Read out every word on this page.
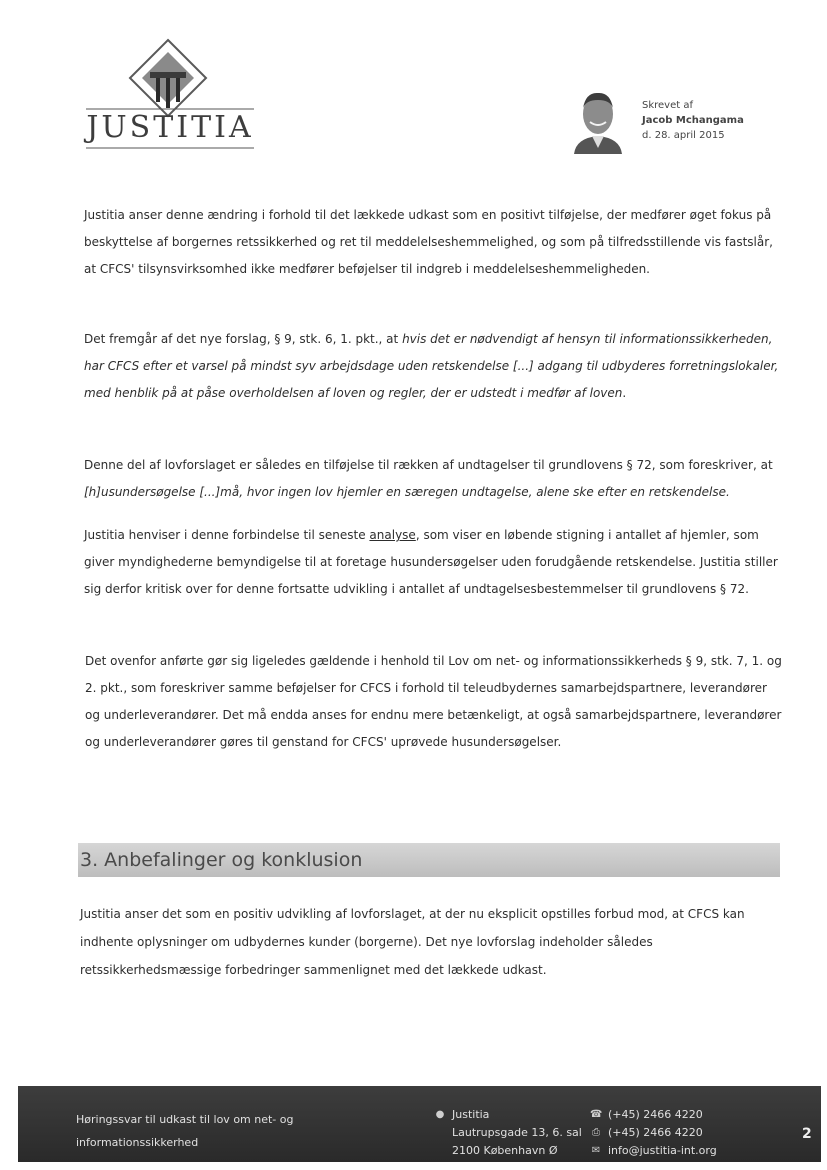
JUSTITIA
Skrevet af
Jacob Mchangama
d. 28. april 2015

Justitia anser denne ændring i forhold til det lækkede udkast som en positivt tilføjelse, der medfører øget fokus på beskyttelse af borgernes retssikkerhed og ret til meddelelseshemmelighed, og som på tilfredsstillende vis fastslår, at CFCS' tilsynsvirksomhed ikke medfører beføjelser til indgreb i meddelelseshemmeligheden.

Det fremgår af det nye forslag, § 9, stk. 6, 1. pkt., at hvis det er nødvendigt af hensyn til informationssikkerheden, har CFCS efter et varsel på mindst syv arbejdsdage uden retskendelse [...] adgang til udbyderes forretningslokaler, med henblik på at påse overholdelsen af loven og regler, der er udstedt i medfør af loven.

Denne del af lovforslaget er således en tilføjelse til rækken af undtagelser til grundlovens § 72, som foreskriver, at [h]usundersøgelse [...]må, hvor ingen lov hjemler en særegen undtagelse, alene ske efter en retskendelse.

Justitia henviser i denne forbindelse til seneste analyse, som viser en løbende stigning i antallet af hjemler, som giver myndighederne bemyndigelse til at foretage husundersøgelser uden forudgående retskendelse. Justitia stiller sig derfor kritisk over for denne fortsatte udvikling i antallet af undtagelsesbestemmelser til grundlovens § 72.

Det ovenfor anførte gør sig ligeledes gældende i henhold til Lov om net- og informationssikkerheds § 9, stk. 7, 1. og 2. pkt., som foreskriver samme beføjelser for CFCS i forhold til teleudbydernes samarbejdspartnere, leverandører og underleverandører. Det må endda anses for endnu mere betænkeligt, at også samarbejdspartnere, leverandører og underleverandører gøres til genstand for CFCS' uprøvede husundersøgelser.

3. Anbefalinger og konklusion

Justitia anser det som en positiv udvikling af lovforslaget, at der nu eksplicit opstilles forbud mod, at CFCS kan indhente oplysninger om udbydernes kunder (borgerne). Det nye lovforslag indeholder således retssikkerhedsmæssige forbedringer sammenlignet med det lækkede udkast.

Høringssvar til udkast til lov om net- og
informationssikkerhed
● Justitia
Lautrupsgade 13, 6. sal
2100 København Ø
☎ (+45) 2466 4220
⎙ (+45) 2466 4220
✉ info@justitia-int.org
2
